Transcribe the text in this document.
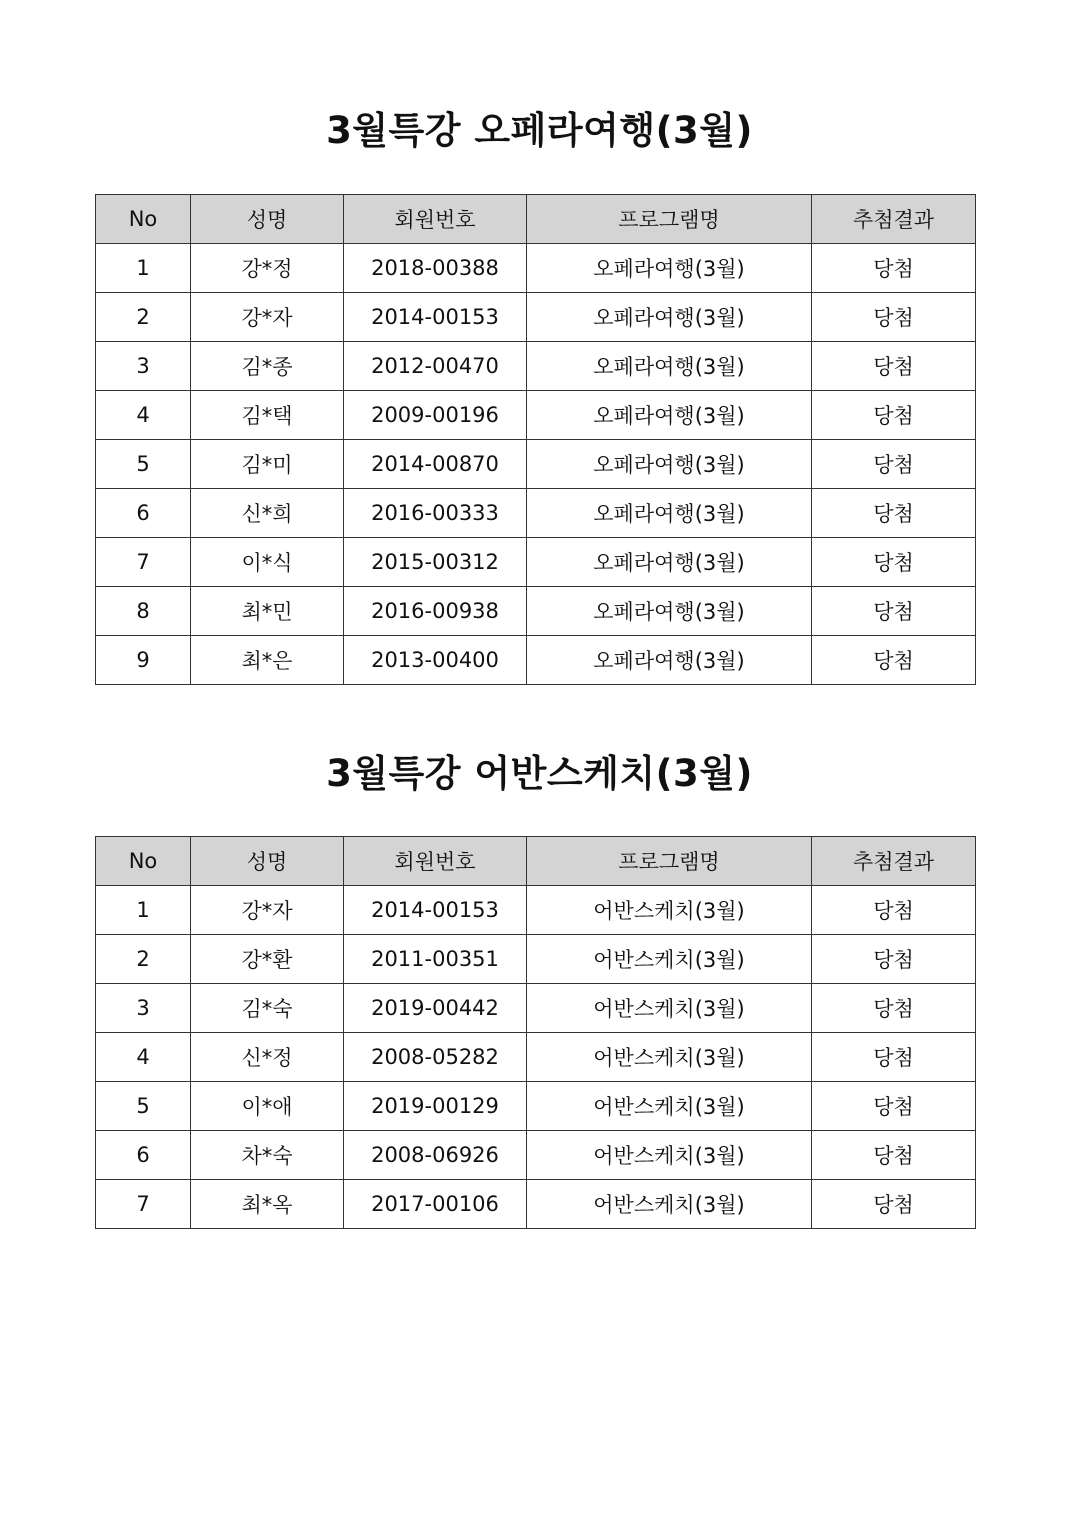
3월특강 오페라여행(3월)
No	성명	회원번호	프로그램명	추첨결과
1	강*정	2018-00388	오페라여행(3월)	당첨
2	강*자	2014-00153	오페라여행(3월)	당첨
3	김*종	2012-00470	오페라여행(3월)	당첨
4	김*택	2009-00196	오페라여행(3월)	당첨
5	김*미	2014-00870	오페라여행(3월)	당첨
6	신*희	2016-00333	오페라여행(3월)	당첨
7	이*식	2015-00312	오페라여행(3월)	당첨
8	최*민	2016-00938	오페라여행(3월)	당첨
9	최*은	2013-00400	오페라여행(3월)	당첨
3월특강 어반스케치(3월)
No	성명	회원번호	프로그램명	추첨결과
1	강*자	2014-00153	어반스케치(3월)	당첨
2	강*환	2011-00351	어반스케치(3월)	당첨
3	김*숙	2019-00442	어반스케치(3월)	당첨
4	신*정	2008-05282	어반스케치(3월)	당첨
5	이*애	2019-00129	어반스케치(3월)	당첨
6	차*숙	2008-06926	어반스케치(3월)	당첨
7	최*옥	2017-00106	어반스케치(3월)	당첨
